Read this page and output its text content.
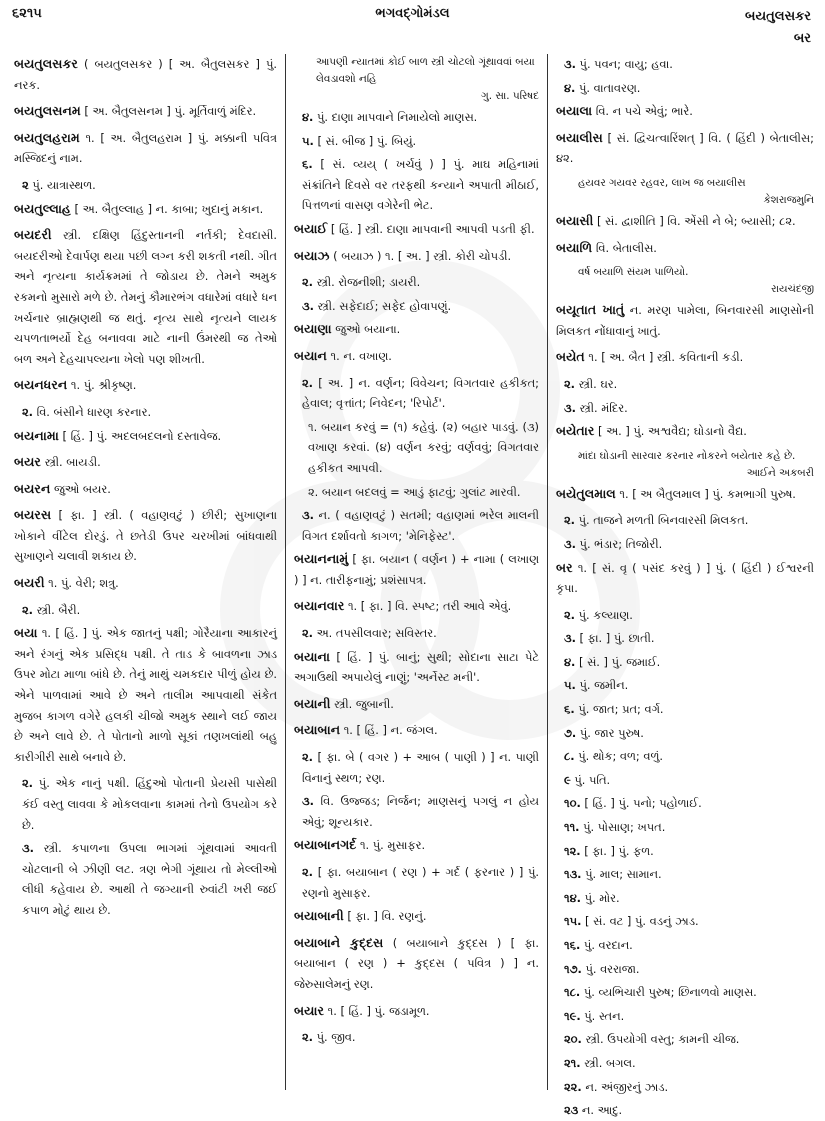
૬૨૧૫	ભગવદ્‌ગોમંડલ	બયતુલસકર
બર
બયતુલસકર ( બયતુલસકર ) [ અ. બૈતુલસકર ] પું. નરક.
બયતુલસનમ [ અ. બૈતુલસનમ ] પું. મૂર્તિવાળું મંદિર.
બયતુલહરામ ૧. [ અ. બૈતુલહરામ ] પું. મક્કાની પવિત્ર મસ્જિદનું નામ.
૨ પું. યાત્રાસ્થળ.
બયતુલ્લાહ [ અ. બૈતુલ્લાહ ] ન. કાબા; ખુદાનું મકાન.
બયદરી સ્ત્રી. દક્ષિણ હિંદુસ્તાનની નર્તકી; દેવદાસી. બયદરીઓ દેવાર્પણ થયા પછી લગ્ન કરી શકતી નથી. ગીત અને નૃત્યના કાર્યક્રમમાં તે જોડાય છે. તેમને અમુક રકમનો મુસારો મળે છે. તેમનું કૌમારભંગ વધારેમાં વધારે ધન ખર્ચનાર બ્રાહ્મણથી જ થતું. નૃત્ય સાથે નૃત્યને લાયક ચપળતાભર્યો દેહ બનાવવા માટે નાની ઉંમરથી જ તેઓ બળ અને દેહચાપલ્યના ખેલો પણ શીખતી.
બયનધરન ૧. પું. શ્રીકૃષ્ણ.
૨. વિ. બંસીને ધારણ કરનાર.
બયનામા [ હિં. ] પું. અદલબદલનો દસ્તાવેજ.
બયર સ્ત્રી. બાયડી.
બયરન જુઓ બયર.
બયરસ [ ફા. ] સ્ત્રી. ( વહાણવટું ) છીરી; સુખાણના ખોકાને વીંટેલ દોરડું. તે છતેડી ઉપર ચરખીમાં બાંધવાથી સુખાણને ચલાવી શકાય છે.
બયરી ૧. પું. વેરી; શત્રુ.
૨. સ્ત્રી. બૈરી.
બયા ૧. [ હિં. ] પું. એક જાતનું પક્ષી; ગોરૈયાના આકારનું અને રંગનું એક પ્રસિદ્ધ પક્ષી. તે તાડ કે બાવળના ઝાડ ઉપર મોટા માળા બાંધે છે. તેનું માથું ચમકદાર પીળું હોય છે. એને પાળવામાં આવે છે અને તાલીમ આપવાથી સંકેત મુજબ કાગળ વગેરે હલકી ચીજો અમુક સ્થાને લઈ જાય છે અને લાવે છે. તે પોતાનો માળો સૂકાં તણખલાંથી બહુ કારીગીરી સાથે બનાવે છે.
૨. પું. એક નાનું પક્ષી. હિંદુઓ પોતાની પ્રેયસી પાસેથી કંઈ વસ્તુ લાવવા કે મોકલવાના કામમાં તેનો ઉપયોગ કરે છે.
૩. સ્ત્રી. કપાળના ઉપલા ભાગમાં ગૂંથવામાં આવતી ચોટલાની બે ઝીણી લટ. ત્રણ ભેગી ગૂંથાય તો મેલ્લીઓ લીધી કહેવાય છે. આથી તે જગ્યાની રુવાંટી ખરી જઈ કપાળ મોટું થાય છે.
આપણી ન્યાતમાં કોઈ બાળ સ્ત્રી ચોટલો ગૂંથાવવાં બયા લેવડાવશો નહિ
ગુ. સા. પરિષદ
૪. પું. દાણા માપવાને નિમાયેલો માણસ.
૫. [ સં. બીજ ] પું. બિયું.
૬. [ સં. વ્યય્ ( ખર્ચવું ) ] પું. માઘ મહિનામાં સંક્રાંતિને દિવસે વર તરફથી કન્યાને અપાતી મીઠાઈ, પિત્તળનાં વાસણ વગેરેની ભેટ.
બયાઈ [ હિં. ] સ્ત્રી. દાણા માપવાની આપવી પડતી ફી.
બયાઝ ( બયાઝ ) ૧. [ અ. ] સ્ત્રી. કોરી ચોપડી.
૨. સ્ત્રી. રોજનીશી; ડાયરી.
૩. સ્ત્રી. સફેદાઈ; સફેદ હોવાપણું.
બયાણા જુઓ બયાના.
બયાન ૧. ન. વખાણ.
૨. [ અ. ] ન. વર્ણન; વિવેચન; વિગતવાર હકીકત; હેવાલ; વૃત્તાંત; નિવેદન; 'રિપોર્ટ'.
૧. બયાન કરવું = (૧) કહેવું. (૨) બહાર પાડવું. (૩) વખાણ કરવાં. (૪) વર્ણન કરવું; વર્ણવવું; વિગતવાર હકીકત આપવી.
૨. બયાન બદલવું = આડું ફાટવું; ગુલાંટ મારવી.
૩. ન. ( વહાણવટું ) સતમી; વહાણમાં ભરેલ માલની વિગત દર્શાવતો કાગળ; 'મેનિફેસ્ટ'.
બયાનનામું [ ફા. બયાન ( વર્ણન ) + નામા ( લખાણ ) ] ન. તારીફનામું; પ્રશંસાપત્ર.
બયાનવાર ૧. [ ફા. ] વિ. સ્પષ્ટ; તરી આવે એવું.
૨. અ. તપસીલવાર; સવિસ્તર.
બયાના [ હિં. ] પું. બાનું; સુથી; સોદાના સાટા પેટે અગાઉથી અપાયેલું નાણું; 'અર્નેસ્ટ મની'.
બયાની સ્ત્રી. જુબાની.
બયાબાન ૧. [ હિં. ] ન. જંગલ.
૨. [ ફા. બે ( વગર ) + આબ ( પાણી ) ] ન. પાણી વિનાનું સ્થળ; રણ.
૩. વિ. ઉજ્જડ; નિર્જન; માણસનું પગલું ન હોય એવું; શૂન્યકાર.
બયાબાનગર્દ ૧. પું. મુસાફર.
૨. [ ફા. બયાબાન ( રણ ) + ગર્દ ( ફરનાર ) ] પું. રણનો મુસાફર.
બયાબાની [ ફા. ] વિ. રણનું.
બયાબાને કુદ્દસ ( બયાબાને કુદ્દસ ) [ ફા. બયાબાન ( રણ ) + કુદ્દસ ( પવિત્ર ) ] ન. જેરુસાલેમનું રણ.
બયાર ૧. [ હિં. ] પું. જડામૂળ.
૨. પું. જીવ.
૩. પું. પવન; વાયુ; હવા.
૪. પું. વાતાવરણ.
બયાલા વિ. ન પચે એવું; ભારે.
બયાલીસ [ સં. દ્વિચત્વારિંશત્ ] વિ. ( હિંદી ) બેતાલીસ; ૪૨.
હયવર ગયવર રહવર, લાખ જ બયાલીસ
કેશરાજમુનિ
બયાસી [ સં. દ્વાશીતિ ] વિ. એંસી ને બે; બ્યાસી; ૮૨.
બયાળિ વિ. બેતાલીસ.
વર્ષ બયાળિ સંયમ પાળિયો.
રાયચંદજી
બયૂતાત ખાતું ન. મરણ પામેલા, બિનવારસી માણસોની મિલકત નોંધાવાનું ખાતું.
બયેત ૧. [ અ. બૈત ] સ્ત્રી. કવિતાની કડી.
૨. સ્ત્રી. ઘર.
૩. સ્ત્રી. મંદિર.
બયેતાર [ અ. ] પું. અશ્વવૈદ્ય; ઘોડાનો વૈદ્ય.
માંદા ઘોડાની સારવાર કરનાર નોકરને બયેતાર કહે છે.
આઈને અકબરી
બયેતુલમાલ ૧. [ અ બૈતુલમાલ ] પું. કમભાગી પુરુષ.
૨. પું. તાજને મળતી બિનવારસી મિલકત.
૩. પું. ભંડાર; તિજોરી.
બર ૧. [ સં. વૃ ( પસંદ કરવું ) ] પું. ( હિંદી ) ઈશ્વરની કૃપા.
૨. પું. કલ્યાણ.
૩. [ ફા. ] પું. છાતી.
૪. [ સં. ] પું. જમાઈ.
૫. પું. જમીન.
૬. પું. જાત; પ્રત; વર્ગ.
૭. પું. જાર પુરુષ.
૮. પું. થોક; વળ; વળું.
૯ પું. પતિ.
૧૦. [ હિં. ] પું. પનો; પહોળાઈ.
૧૧. પું. પોસાણ; ખપત.
૧૨. [ ફા. ] પું. ફળ.
૧૩. પું. માલ; સામાન.
૧૪. પું. મોર.
૧૫. [ સં. વટ ] પું. વડનું ઝાડ.
૧૬. પું. વરદાન.
૧૭. પું. વરરાજા.
૧૮. પું. વ્યભિચારી પુરુષ; છિનાળવો માણસ.
૧૯. પું. સ્તન.
૨૦. સ્ત્રી. ઉપયોગી વસ્તુ; કામની ચીજ.
૨૧. સ્ત્રી. બગલ.
૨૨. ન. અંજીરનું ઝાડ.
૨૩ ન. આદુ.
